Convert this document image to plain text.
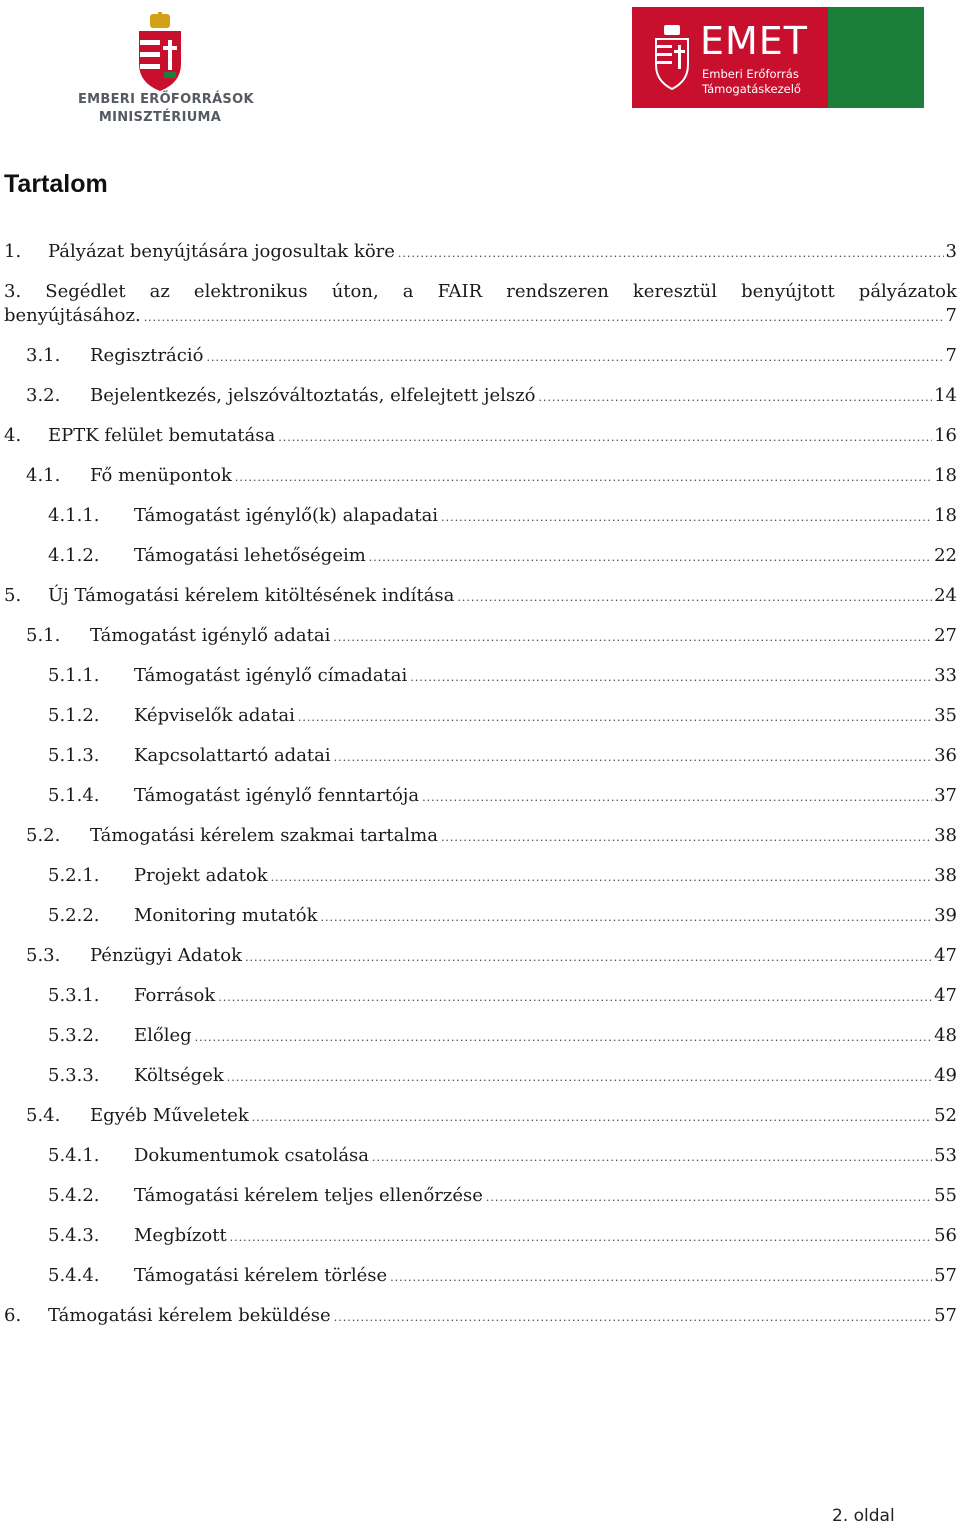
EMBERI ERŐFORRÁSOK
MINISZTÉRIUMA
EMET
Emberi Erőforrás
Támogatáskezelő
Tartalom
1.	Pályázat benyújtására jogosultak köre .....	3
3. Segédlet az elektronikus úton, a FAIR rendszeren keresztül benyújtott pályázatok
benyújtásához. .....	7
3.1.	Regisztráció .....	7
3.2.	Bejelentkezés, jelszóváltoztatás, elfelejtett jelszó .....	14
4.	EPTK felület bemutatása .....	16
4.1.	Fő menüpontok .....	18
4.1.1.	Támogatást igénylő(k) alapadatai .....	18
4.1.2.	Támogatási lehetőségeim .....	22
5.	Új Támogatási kérelem kitöltésének indítása .....	24
5.1.	Támogatást igénylő adatai .....	27
5.1.1.	Támogatást igénylő címadatai .....	33
5.1.2.	Képviselők adatai .....	35
5.1.3.	Kapcsolattartó adatai .....	36
5.1.4.	Támogatást igénylő fenntartója .....	37
5.2.	Támogatási kérelem szakmai tartalma .....	38
5.2.1.	Projekt adatok .....	38
5.2.2.	Monitoring mutatók .....	39
5.3.	Pénzügyi Adatok .....	47
5.3.1.	Források .....	47
5.3.2.	Előleg .....	48
5.3.3.	Költségek .....	49
5.4.	Egyéb Műveletek .....	52
5.4.1.	Dokumentumok csatolása .....	53
5.4.2.	Támogatási kérelem teljes ellenőrzése .....	55
5.4.3.	Megbízott .....	56
5.4.4.	Támogatási kérelem törlése .....	57
6.	Támogatási kérelem beküldése .....	57
2. oldal
